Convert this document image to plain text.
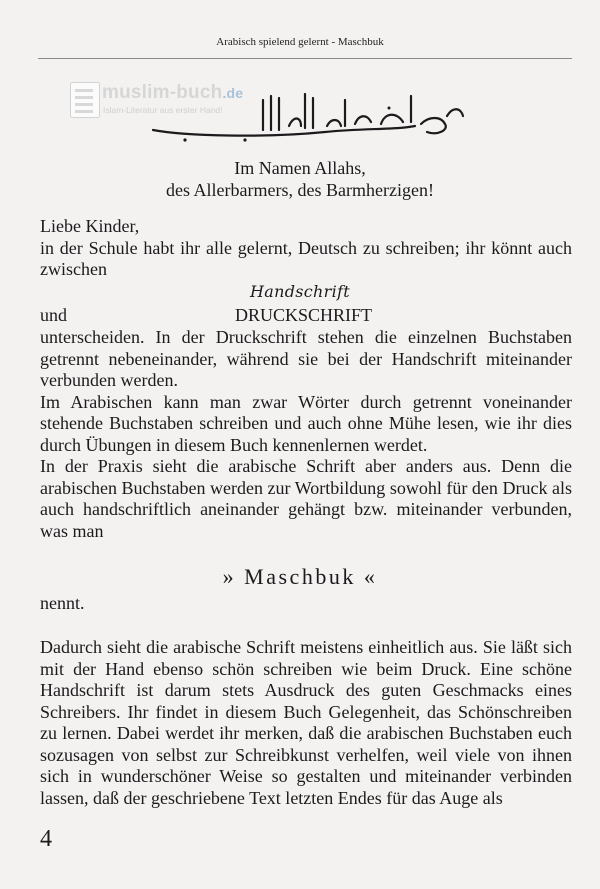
Arabisch spielend gelernt - Maschbuk
muslim-buch.de
Islam-Literatur aus erster Hand!
Im Namen Allahs,
des Allerbarmers, des Barmherzigen!

Liebe Kinder,

in der Schule habt ihr alle gelernt, Deutsch zu schreiben; ihr könnt auch zwischen

Handschrift
und	DRUCKSCHRIFT

unterscheiden. In der Druckschrift stehen die einzelnen Buchstaben getrennt nebeneinander, während sie bei der Handschrift miteinander verbunden werden.

Im Arabischen kann man zwar Wörter durch getrennt voneinander stehende Buchstaben schreiben und auch ohne Mühe lesen, wie ihr dies durch Übungen in diesem Buch kennenlernen werdet.

In der Praxis sieht die arabische Schrift aber anders aus. Denn die arabischen Buchstaben werden zur Wortbildung sowohl für den Druck als auch handschriftlich aneinander gehängt bzw. miteinander verbunden, was man

» Maschbuk «

nennt.

Dadurch sieht die arabische Schrift meistens einheitlich aus. Sie läßt sich mit der Hand ebenso schön schreiben wie beim Druck. Eine schöne Handschrift ist darum stets Ausdruck des guten Geschmacks eines Schreibers. Ihr findet in diesem Buch Gelegenheit, das Schönschreiben zu lernen. Dabei werdet ihr merken, daß die arabischen Buchstaben euch sozusagen von selbst zur Schreibkunst verhelfen, weil viele von ihnen sich in wunderschöner Weise so gestalten und miteinander verbinden lassen, daß der geschriebene Text letzten Endes für das Auge als

4
